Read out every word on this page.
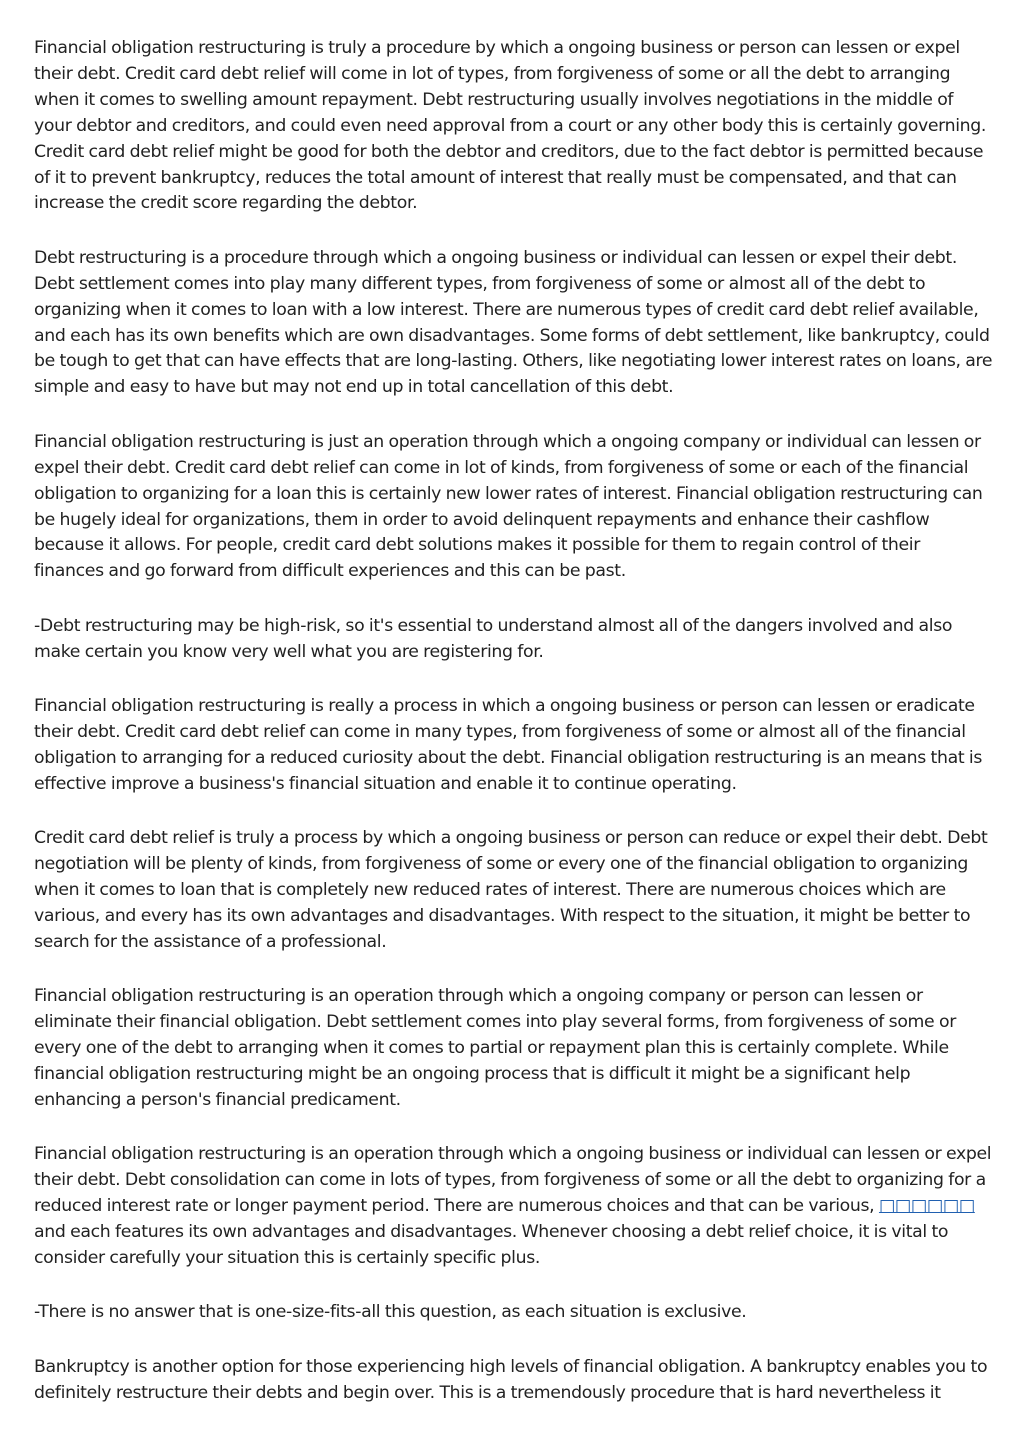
Financial obligation restructuring is truly a procedure by which a ongoing business or person can lessen or expel their debt. Credit card debt relief will come in lot of types, from forgiveness of some or all the debt to arranging when it comes to swelling amount repayment. Debt restructuring usually involves negotiations in the middle of your debtor and creditors, and could even need approval from a court or any other body this is certainly governing. Credit card debt relief might be good for both the debtor and creditors, due to the fact debtor is permitted because of it to prevent bankruptcy, reduces the total amount of interest that really must be compensated, and that can increase the credit score regarding the debtor.

Debt restructuring is a procedure through which a ongoing business or individual can lessen or expel their debt. Debt settlement comes into play many different types, from forgiveness of some or almost all of the debt to organizing when it comes to loan with a low interest. There are numerous types of credit card debt relief available, and each has its own benefits which are own disadvantages. Some forms of debt settlement, like bankruptcy, could be tough to get that can have effects that are long-lasting. Others, like negotiating lower interest rates on loans, are simple and easy to have but may not end up in total cancellation of this debt.

Financial obligation restructuring is just an operation through which a ongoing company or individual can lessen or expel their debt. Credit card debt relief can come in lot of kinds, from forgiveness of some or each of the financial obligation to organizing for a loan this is certainly new lower rates of interest. Financial obligation restructuring can be hugely ideal for organizations, them in order to avoid delinquent repayments and enhance their cashflow because it allows. For people, credit card debt solutions makes it possible for them to regain control of their finances and go forward from difficult experiences and this can be past.

-Debt restructuring may be high-risk, so it's essential to understand almost all of the dangers involved and also make certain you know very well what you are registering for.

Financial obligation restructuring is really a process in which a ongoing business or person can lessen or eradicate their debt. Credit card debt relief can come in many types, from forgiveness of some or almost all of the financial obligation to arranging for a reduced curiosity about the debt. Financial obligation restructuring is an means that is effective improve a business's financial situation and enable it to continue operating.

Credit card debt relief is truly a process by which a ongoing business or person can reduce or expel their debt. Debt negotiation will be plenty of kinds, from forgiveness of some or every one of the financial obligation to organizing when it comes to loan that is completely new reduced rates of interest. There are numerous choices which are various, and every has its own advantages and disadvantages. With respect to the situation, it might be better to search for the assistance of a professional.

Financial obligation restructuring is an operation through which a ongoing company or person can lessen or eliminate their financial obligation. Debt settlement comes into play several forms, from forgiveness of some or every one of the debt to arranging when it comes to partial or repayment plan this is certainly complete. While financial obligation restructuring might be an ongoing process that is difficult it might be a significant help enhancing a person's financial predicament.

Financial obligation restructuring is an operation through which a ongoing business or individual can lessen or expel their debt. Debt consolidation can come in lots of types, from forgiveness of some or all the debt to organizing for a reduced interest rate or longer payment period. There are numerous choices and that can be various, □□□□□□ and each features its own advantages and disadvantages. Whenever choosing a debt relief choice, it is vital to consider carefully your situation this is certainly specific plus.

-There is no answer that is one-size-fits-all this question, as each situation is exclusive.

Bankruptcy is another option for those experiencing high levels of financial obligation. A bankruptcy enables you to definitely restructure their debts and begin over. This is a tremendously procedure that is hard nevertheless it
